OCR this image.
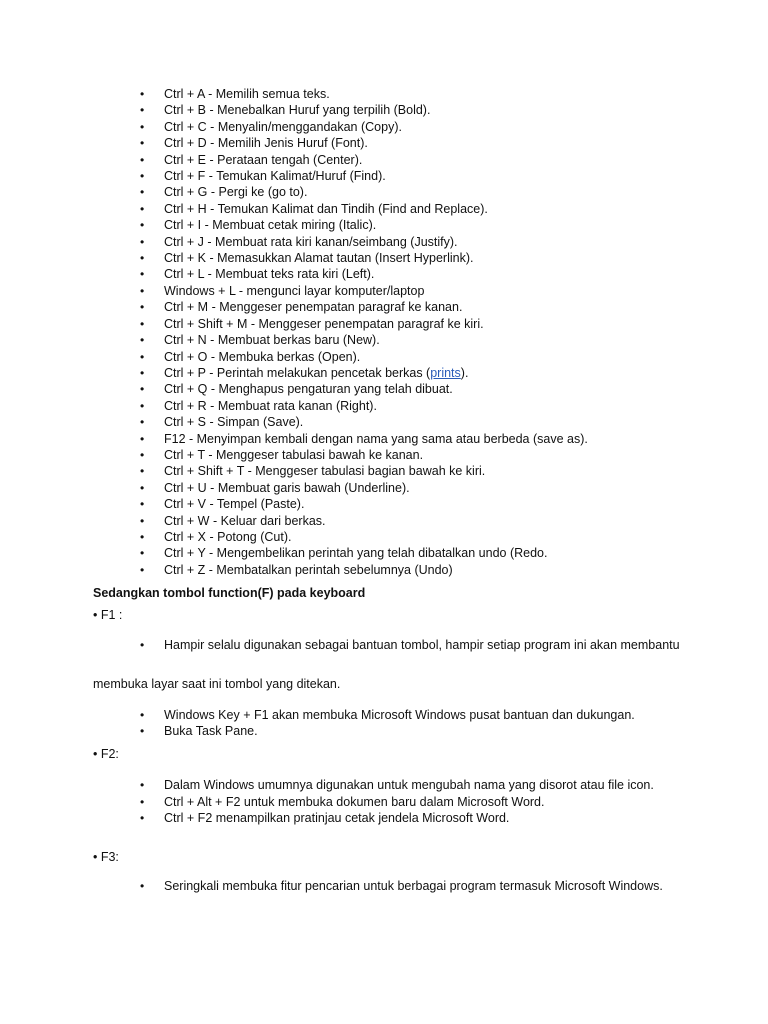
• Ctrl + A - Memilih semua teks.
• Ctrl + B - Menebalkan Huruf yang terpilih (Bold).
• Ctrl + C - Menyalin/menggandakan (Copy).
• Ctrl + D - Memilih Jenis Huruf (Font).
• Ctrl + E - Perataan tengah (Center).
• Ctrl + F - Temukan Kalimat/Huruf (Find).
• Ctrl + G - Pergi ke (go to).
• Ctrl + H - Temukan Kalimat dan Tindih (Find and Replace).
• Ctrl + I - Membuat cetak miring (Italic).
• Ctrl + J - Membuat rata kiri kanan/seimbang (Justify).
• Ctrl + K - Memasukkan Alamat tautan (Insert Hyperlink).
• Ctrl + L - Membuat teks rata kiri (Left).
• Windows + L - mengunci layar komputer/laptop
• Ctrl + M - Menggeser penempatan paragraf ke kanan.
• Ctrl + Shift + M - Menggeser penempatan paragraf ke kiri.
• Ctrl + N - Membuat berkas baru (New).
• Ctrl + O - Membuka berkas (Open).
• Ctrl + P - Perintah melakukan pencetak berkas (prints).
• Ctrl + Q - Menghapus pengaturan yang telah dibuat.
• Ctrl + R - Membuat rata kanan (Right).
• Ctrl + S - Simpan (Save).
• F12 - Menyimpan kembali dengan nama yang sama atau berbeda (save as).
• Ctrl + T - Menggeser tabulasi bawah ke kanan.
• Ctrl + Shift + T - Menggeser tabulasi bagian bawah ke kiri.
• Ctrl + U - Membuat garis bawah (Underline).
• Ctrl + V - Tempel (Paste).
• Ctrl + W - Keluar dari berkas.
• Ctrl + X - Potong (Cut).
• Ctrl + Y - Mengembelikan perintah yang telah dibatalkan undo (Redo.
• Ctrl + Z - Membatalkan perintah sebelumnya (Undo)
Sedangkan tombol function(F) pada keyboard
• F1 :
• Hampir selalu digunakan sebagai bantuan tombol, hampir setiap program ini akan membantu
membuka layar saat ini tombol yang ditekan.
• Windows Key + F1 akan membuka Microsoft Windows pusat bantuan dan dukungan.
• Buka Task Pane.
• F2:
• Dalam Windows umumnya digunakan untuk mengubah nama yang disorot atau file icon.
• Ctrl + Alt + F2 untuk membuka dokumen baru dalam Microsoft Word.
• Ctrl + F2 menampilkan pratinjau cetak jendela Microsoft Word.
• F3:
• Seringkali membuka fitur pencarian untuk berbagai program termasuk Microsoft Windows.
